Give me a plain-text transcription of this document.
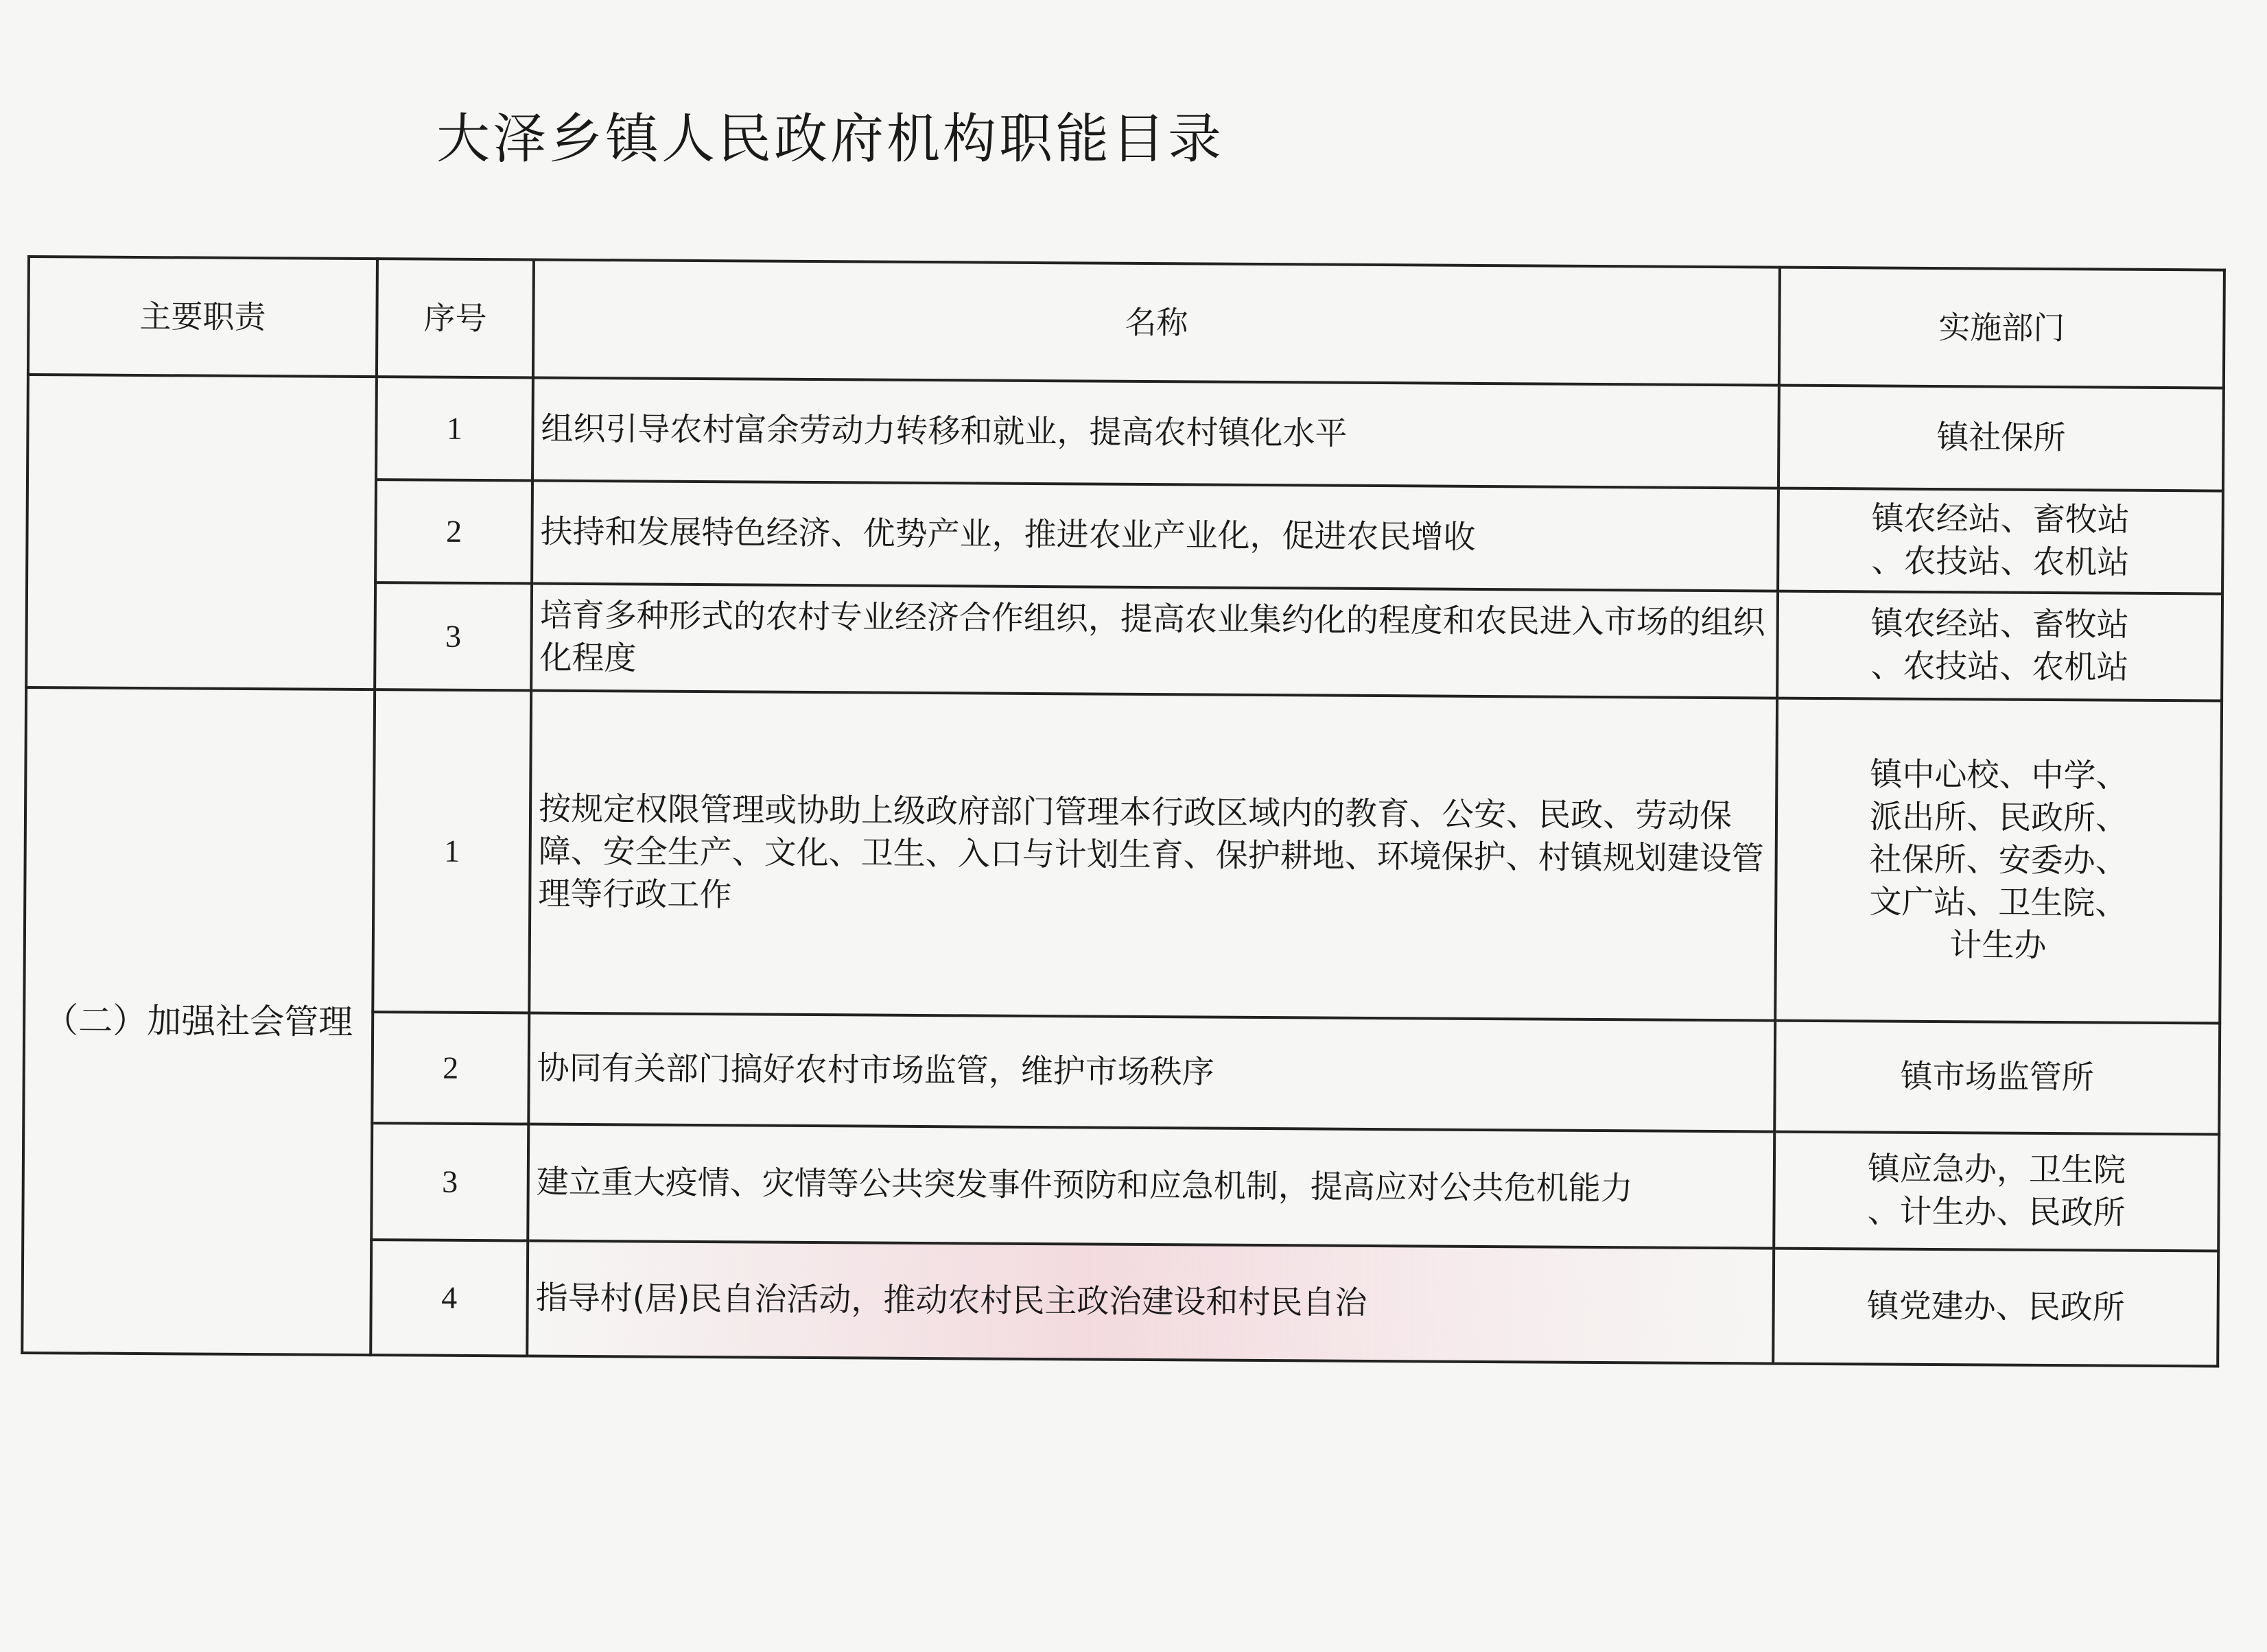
大泽乡镇人民政府机构职能目录
主要职责	序号	名称	实施部门
	1	组织引导农村富余劳动力转移和就业，提高农村镇化水平	镇社保所

	2	扶持和发展特色经济、优势产业，推进农业产业化，促进农民增收	镇农经站、畜牧站
、农技站、农机站

	3	培育多种形式的农村专业经济合作组织，提高农业集约化的程度和农民进入市场的组织化程度	镇农经站、畜牧站
、农技站、农机站

（二）加强社会管理	1	按规定权限管理或协助上级政府部门管理本行政区域内的教育、公安、民政、劳动保障、安全生产、文化、卫生、入口与计划生育、保护耕地、环境保护、村镇规划建设管理等行政工作	镇中心校、中学、
派出所、民政所、
社保所、安委办、
文广站、卫生院、
计生办

	2	协同有关部门搞好农村市场监管，维护市场秩序	镇市场监管所

	3	建立重大疫情、灾情等公共突发事件预防和应急机制，提高应对公共危机能力	镇应急办，卫生院
、计生办、民政所

	4	指导村(居)民自治活动，推动农村民主政治建设和村民自治	镇党建办、民政所
